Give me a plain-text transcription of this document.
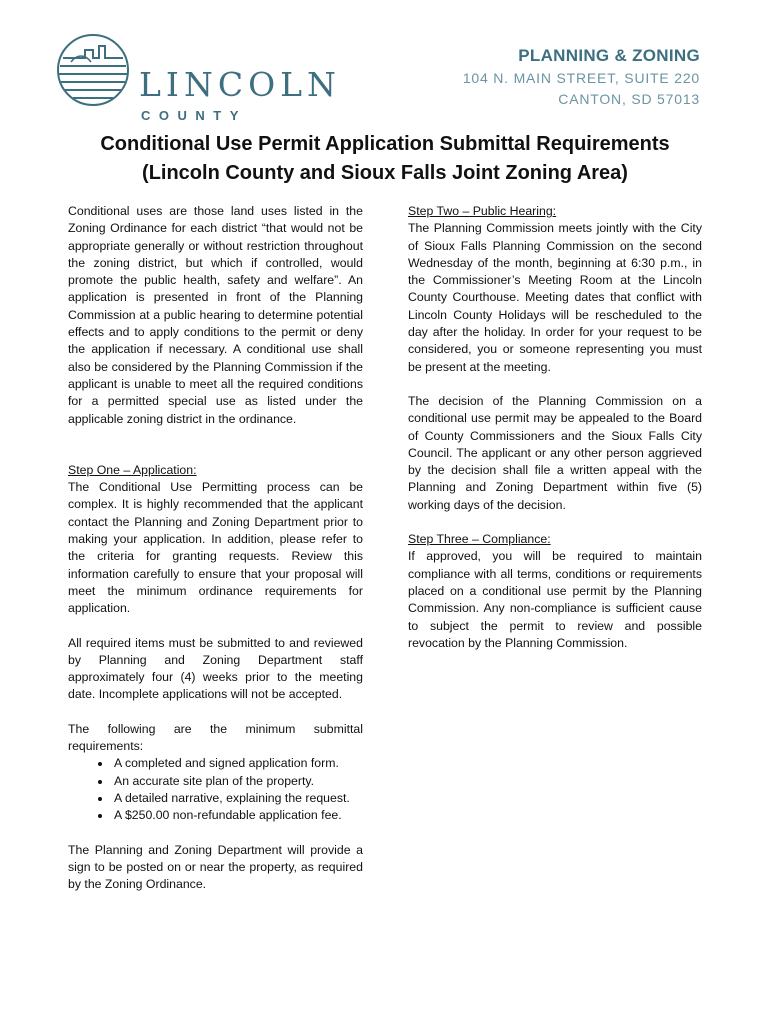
LINCOLN
COUNTY
PLANNING & ZONING
104 N. MAIN STREET, SUITE 220
CANTON, SD 57013
Conditional Use Permit Application Submittal Requirements
(Lincoln County and Sioux Falls Joint Zoning Area)

Conditional uses are those land uses listed in the Zoning Ordinance for each district “that would not be appropriate generally or without restriction throughout the zoning district, but which if controlled, would promote the public health, safety and welfare”. An application is presented in front of the Planning Commission at a public hearing to determine potential effects and to apply conditions to the permit or deny the application if necessary. A conditional use shall also be considered by the Planning Commission if the applicant is unable to meet all the required conditions for a permitted special use as listed under the applicable zoning district in the ordinance.

Step One – Application:

The Conditional Use Permitting process can be complex. It is highly recommended that the applicant contact the Planning and Zoning Department prior to making your application. In addition, please refer to the criteria for granting requests. Review this information carefully to ensure that your proposal will meet the minimum ordinance requirements for application.

All required items must be submitted to and reviewed by Planning and Zoning Department staff approximately four (4) weeks prior to the meeting date. Incomplete applications will not be accepted.

The following are the minimum submittal requirements:
• A completed and signed application form.
• An accurate site plan of the property.
• A detailed narrative, explaining the request.
• A $250.00 non-refundable application fee.

The Planning and Zoning Department will provide a sign to be posted on or near the property, as required by the Zoning Ordinance.

Step Two – Public Hearing:

The Planning Commission meets jointly with the City of Sioux Falls Planning Commission on the second Wednesday of the month, beginning at 6:30 p.m., in the Commissioner’s Meeting Room at the Lincoln County Courthouse. Meeting dates that conflict with Lincoln County Holidays will be rescheduled to the day after the holiday. In order for your request to be considered, you or someone representing you must be present at the meeting.

The decision of the Planning Commission on a conditional use permit may be appealed to the Board of County Commissioners and the Sioux Falls City Council. The applicant or any other person aggrieved by the decision shall file a written appeal with the Planning and Zoning Department within five (5) working days of the decision.

Step Three – Compliance:

If approved, you will be required to maintain compliance with all terms, conditions or requirements placed on a conditional use permit by the Planning Commission. Any non-compliance is sufficient cause to subject the permit to review and possible revocation by the Planning Commission.
